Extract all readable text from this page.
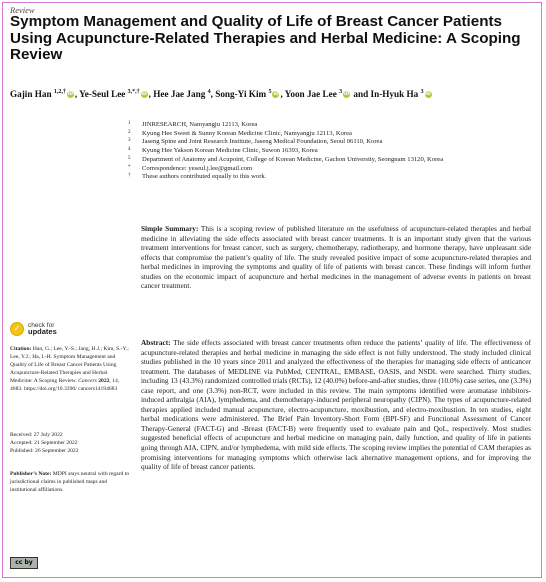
Review
Symptom Management and Quality of Life of Breast Cancer Patients Using Acupuncture-Related Therapies and Herbal Medicine: A Scoping Review
Gajin Han $^{1,2,\dagger}$ iD , Ye-Seul Lee $^{3,*,\dagger}$ iD , Hee Jae Jang $^4$, Song-Yi Kim $^5$ iD , Yoon Jae Lee $^3$ iD and In-Hyuk Ha $^3$ iD
1 JINRESEARCH, Namyangju 12113, Korea
2 Kyung Hee Sweet & Sunny Korean Medicine Clinic, Namyangju 12113, Korea
3 Jaseng Spine and Joint Research Institute, Jaseng Medical Foundation, Seoul 06110, Korea
4 Kyung Hee Yakson Korean Medicine Clinic, Suwon 16393, Korea
5 Department of Anatomy and Acupoint, College of Korean Medicine, Gachon University, Seongnam 13120, Korea
* Correspondence: yeseul.j.lee@gmail.com
† These authors contributed equally to this work.
Simple Summary: This is a scoping review of published literature on the usefulness of acupuncture-related therapies and herbal medicine in alleviating the side effects associated with breast cancer treatments. It is an important study given that the various treatment interventions for breast cancer, such as surgery, chemotherapy, radiotherapy, and hormone therapy, have unpleasant side effects that compromise the patient’s quality of life. The study revealed positive impact of some acupuncture-related therapies and herbal medicines in improving the symptoms and quality of life of patients with breast cancer. These findings will inform further studies on the economic impact of acupuncture and herbal medicines in the management of adverse events in patients on breast cancer treatment.
Abstract: The side effects associated with breast cancer treatments often reduce the patients’ quality of life. The effectiveness of acupuncture-related therapies and herbal medicine in managing the side effect is not fully understood. The study included clinical studies published in the 10 years since 2011 and analyzed the effectiveness of the therapies for managing side effects of anticancer treatment. The databases of MEDLINE via PubMed, CENTRAL, EMBASE, OASIS, and NSDL were searched. Thirty studies, including 13 (43.3%) randomized controlled trials (RCTs), 12 (40.0%) before-and-after studies, three (10.0%) case series, one (3.3%) case report, and one (3.3%) non-RCT, were included in this review. The main symptoms identified were aromatase inhibitors-induced arthralgia (AIA), lymphedema, and chemotherapy-induced peripheral neuropathy (CIPN). The types of acupuncture-related therapies applied included manual acupuncture, electro-acupuncture, moxibustion, and electro-moxibustion. In ten studies, eight herbal medications were administered. The Brief Pain Inventory-Short Form (BPI-SF) and Functional Assessment of Cancer Therapy-General (FACT-G) and -Breast (FACT-B) were frequently used to evaluate pain and QoL, respectively. Most studies suggested beneficial effects of acupuncture and herbal medicine on managing pain, daily function, and quality of life in patients going through AIA, CIPN, and/or lymphedema, with mild side effects. The scoping review implies the potential of CAM therapies as promising interventions for managing symptoms which otherwise lack alternative management options, and for improving the quality of life of breast cancer patients.
✓	check for
updates
Citation: Han, G.; Lee, Y.-S.; Jang, H.J.; Kim, S.-Y.; Lee, Y.J.; Ha, I.-H. Symptom Management and Quality of Life of Breast Cancer Patients Using Acupuncture-Related Therapies and Herbal Medicine: A Scoping Review. Cancers 2022, 14, 4683. https://doi.org/10.3390/ cancers14194683
Received: 27 July 2022
Accepted: 21 September 2022
Published: 26 September 2022
Publisher’s Note: MDPI stays neutral with regard to jurisdictional claims in published maps and institutional affiliations.
cc by
